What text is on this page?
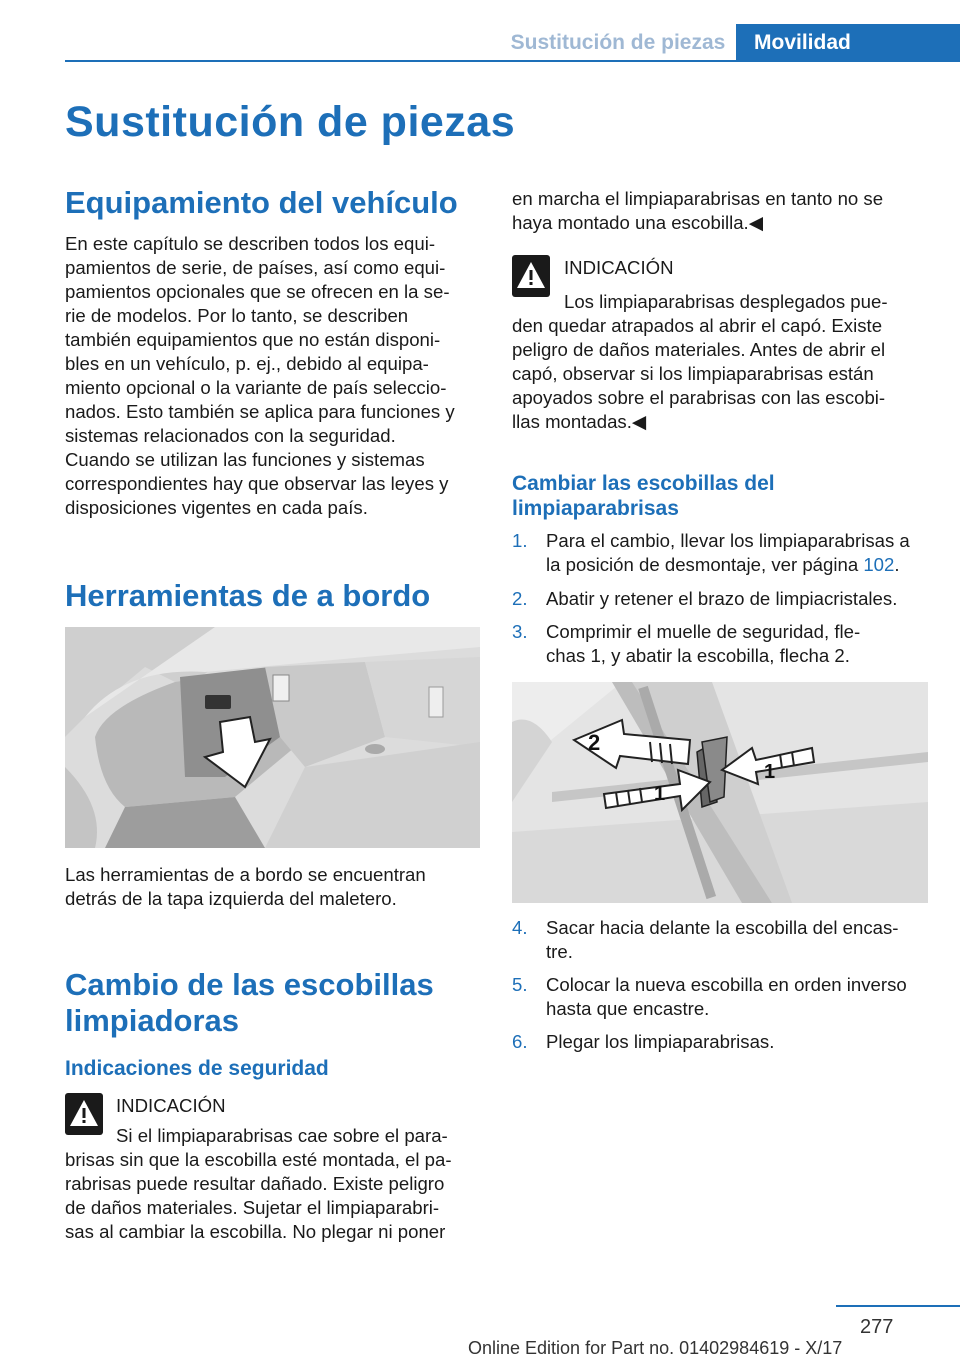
Sustitución de piezas	Movilidad
Sustitución de piezas
Equipamiento del vehículo
En este capítulo se describen todos los equi‐
pamientos de serie, de países, así como equi‐
pamientos opcionales que se ofrecen en la se‐
rie de modelos. Por lo tanto, se describen
también equipamientos que no están disponi‐
bles en un vehículo, p. ej., debido al equipa‐
miento opcional o la variante de país seleccio‐
nados. Esto también se aplica para funciones y
sistemas relacionados con la seguridad.
Cuando se utilizan las funciones y sistemas
correspondientes hay que observar las leyes y
disposiciones vigentes en cada país.
Herramientas de a bordo
Las herramientas de a bordo se encuentran
detrás de la tapa izquierda del maletero.
Cambio de las escobillas
limpiadoras
Indicaciones de seguridad
INDICACIÓN
Si el limpiaparabrisas cae sobre el para‐
brisas sin que la escobilla esté montada, el pa‐
rabrisas puede resultar dañado. Existe peligro
de daños materiales. Sujetar el limpiaparabri‐
sas al cambiar la escobilla. No plegar ni poner
en marcha el limpiaparabrisas en tanto no se
haya montado una escobilla.◀
INDICACIÓN
Los limpiaparabrisas desplegados pue‐
den quedar atrapados al abrir el capó. Existe
peligro de daños materiales. Antes de abrir el
capó, observar si los limpiaparabrisas están
apoyados sobre el parabrisas con las escobi‐
llas montadas.◀
Cambiar las escobillas del
limpiaparabrisas
1. Para el cambio, llevar los limpiaparabrisas a
la posición de desmontaje, ver página 102.
2. Abatir y retener el brazo de limpiacristales.
3. Comprimir el muelle de seguridad, fle‐
chas 1, y abatir la escobilla, flecha 2.
2
1
1
4. Sacar hacia delante la escobilla del encas‐
tre.
5. Colocar la nueva escobilla en orden inverso
hasta que encastre.
6. Plegar los limpiaparabrisas.
277
Online Edition for Part no. 01402984619 - X/17
